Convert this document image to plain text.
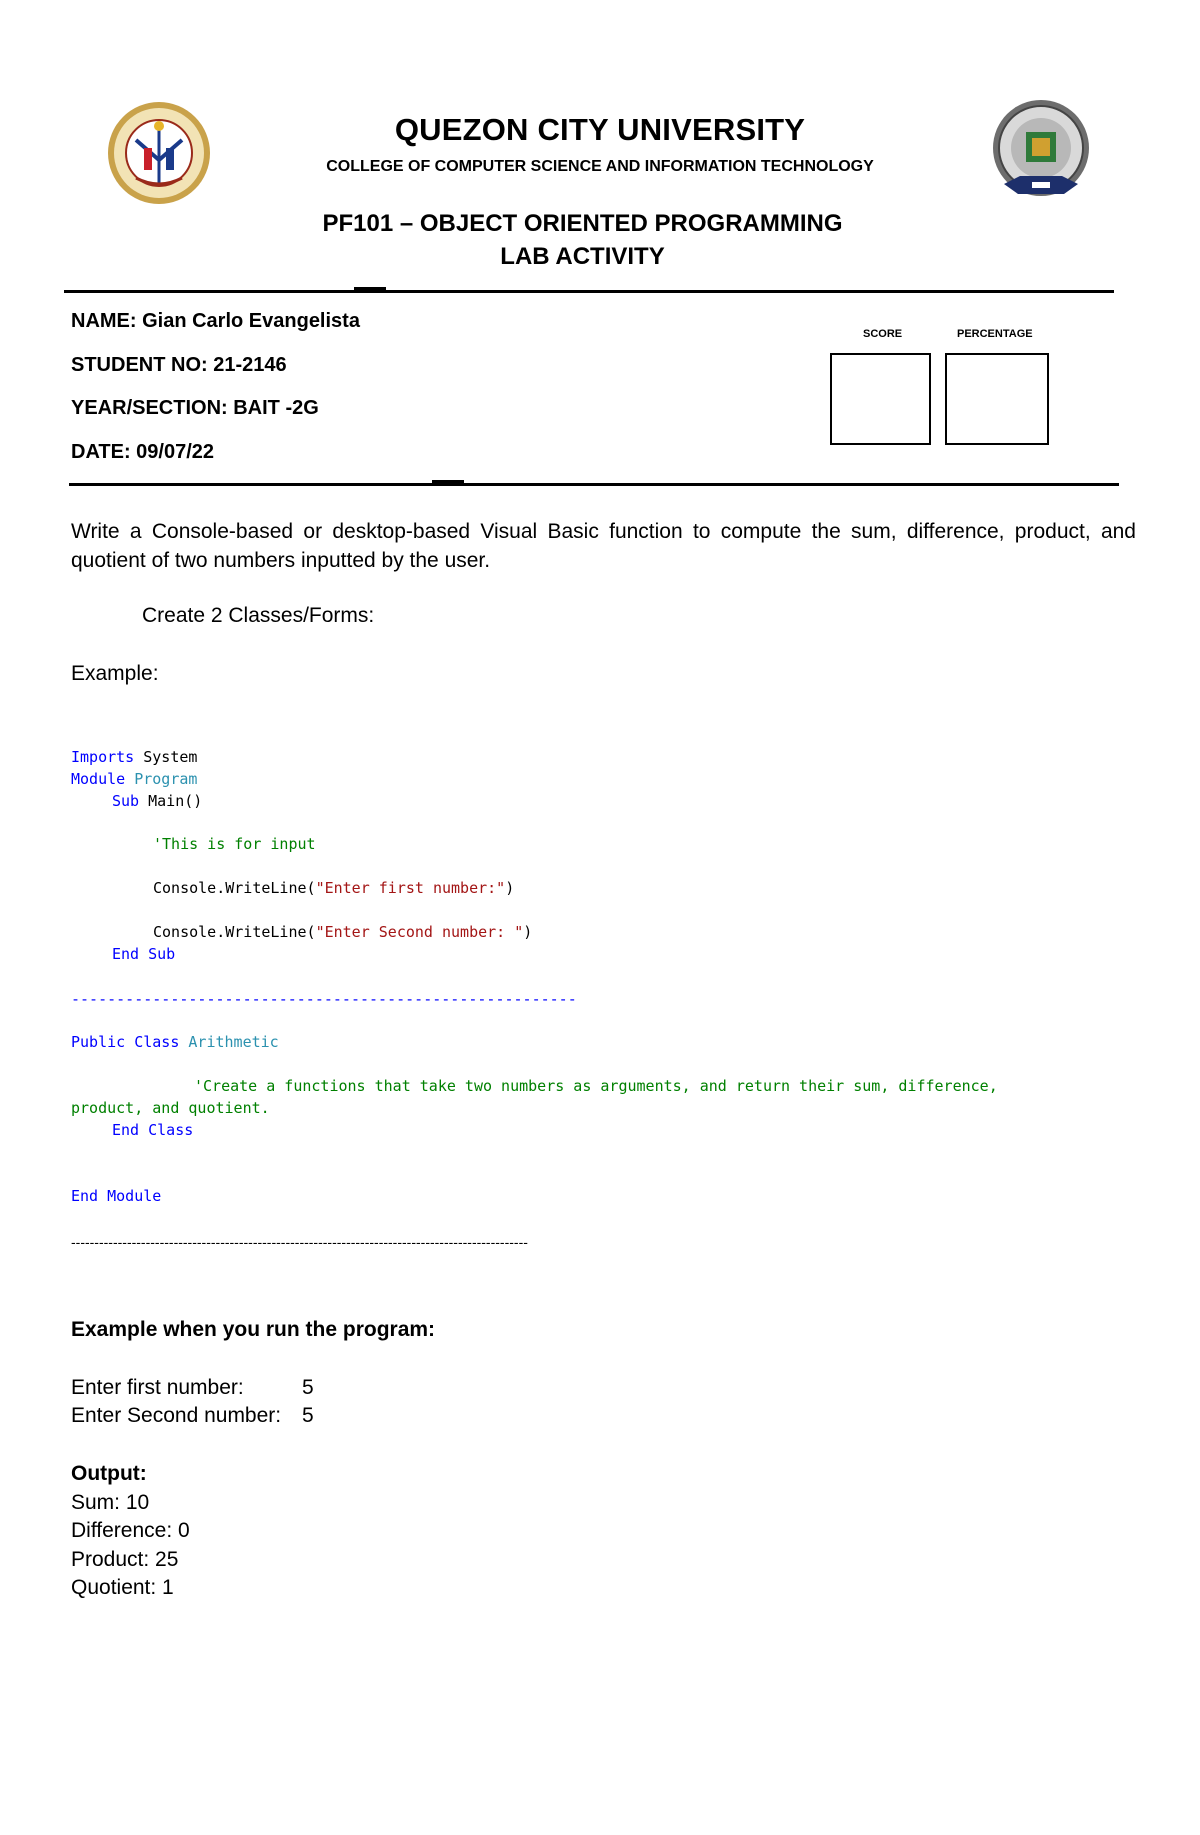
QUEZON CITY UNIVERSITY
COLLEGE OF COMPUTER SCIENCE AND INFORMATION TECHNOLOGY
PF101 – OBJECT ORIENTED PROGRAMMING
LAB ACTIVITY
NAME: Gian Carlo Evangelista
STUDENT NO: 21-2146
YEAR/SECTION: BAIT -2G
DATE: 09/07/22
SCORE	PERCENTAGE
Write a Console-based or desktop-based Visual Basic function to compute the sum, difference, product, and quotient of two numbers inputted by the user.
Create 2 Classes/Forms:
Example:
Imports System
Module Program
Sub Main()
'This is for input
Console.WriteLine("Enter first number:")
Console.WriteLine("Enter Second number: ")
End Sub
--------------------------------------------------------
Public Class Arithmetic
'Create a functions that take two numbers as arguments, and return their sum, difference,
product, and quotient.
End Class
End Module
--------------------------------------------------------------------------------------------------
Example when you run the program:
Enter first number:	5
Enter Second number: 5
Output:
Sum: 10
Difference: 0
Product: 25
Quotient: 1
